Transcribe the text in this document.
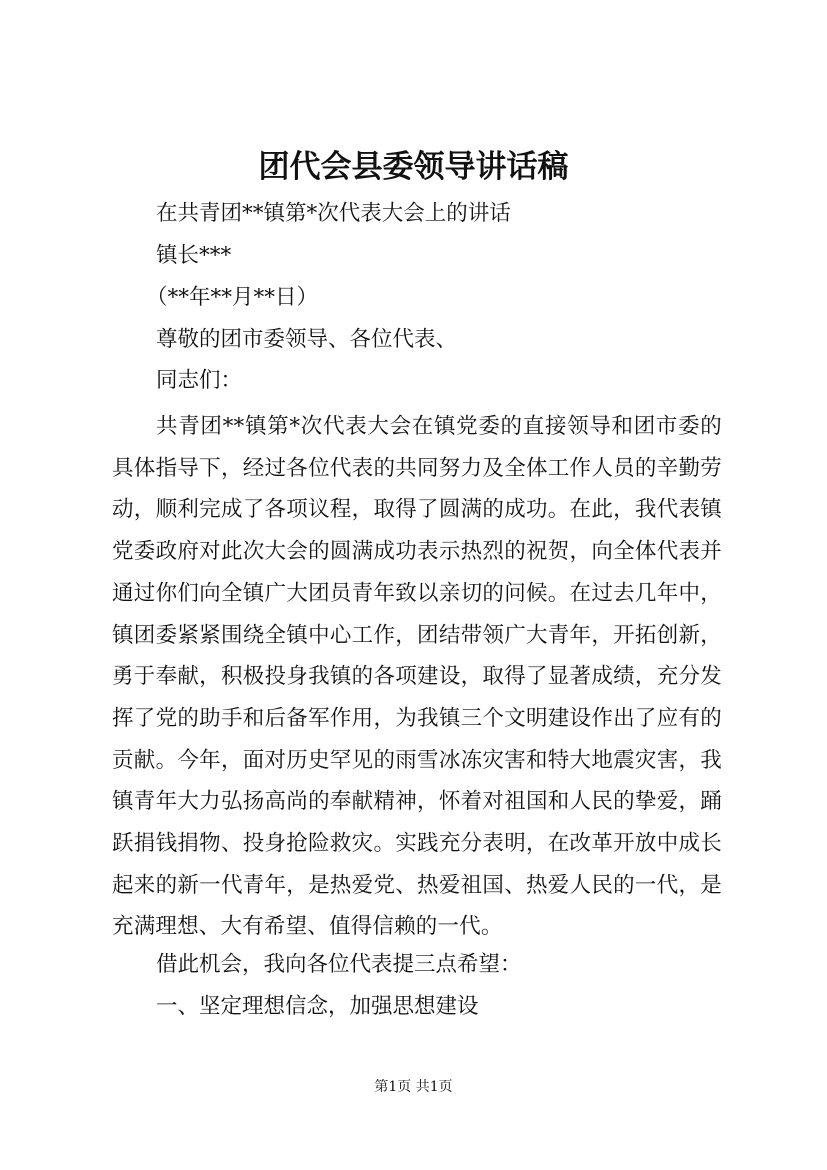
团代会县委领导讲话稿
在共青团**镇第*次代表大会上的讲话
镇长***
（**年**月**日）
尊敬的团市委领导、各位代表、
同志们：

共青团**镇第*次代表大会在镇党委的直接领导和团市委的具体指导下，经过各位代表的共同努力及全体工作人员的辛勤劳动，顺利完成了各项议程，取得了圆满的成功。在此，我代表镇党委政府对此次大会的圆满成功表示热烈的祝贺，向全体代表并通过你们向全镇广大团员青年致以亲切的问候。在过去几年中，镇团委紧紧围绕全镇中心工作，团结带领广大青年，开拓创新，勇于奉献，积极投身我镇的各项建设，取得了显著成绩，充分发挥了党的助手和后备军作用，为我镇三个文明建设作出了应有的贡献。今年，面对历史罕见的雨雪冰冻灾害和特大地震灾害，我镇青年大力弘扬高尚的奉献精神，怀着对祖国和人民的挚爱，踊跃捐钱捐物、投身抢险救灾。实践充分表明，在改革开放中成长起来的新一代青年，是热爱党、热爱祖国、热爱人民的一代，是充满理想、大有希望、值得信赖的一代。

借此机会，我向各位代表提三点希望：
一、坚定理想信念，加强思想建设
第1页 共1页
